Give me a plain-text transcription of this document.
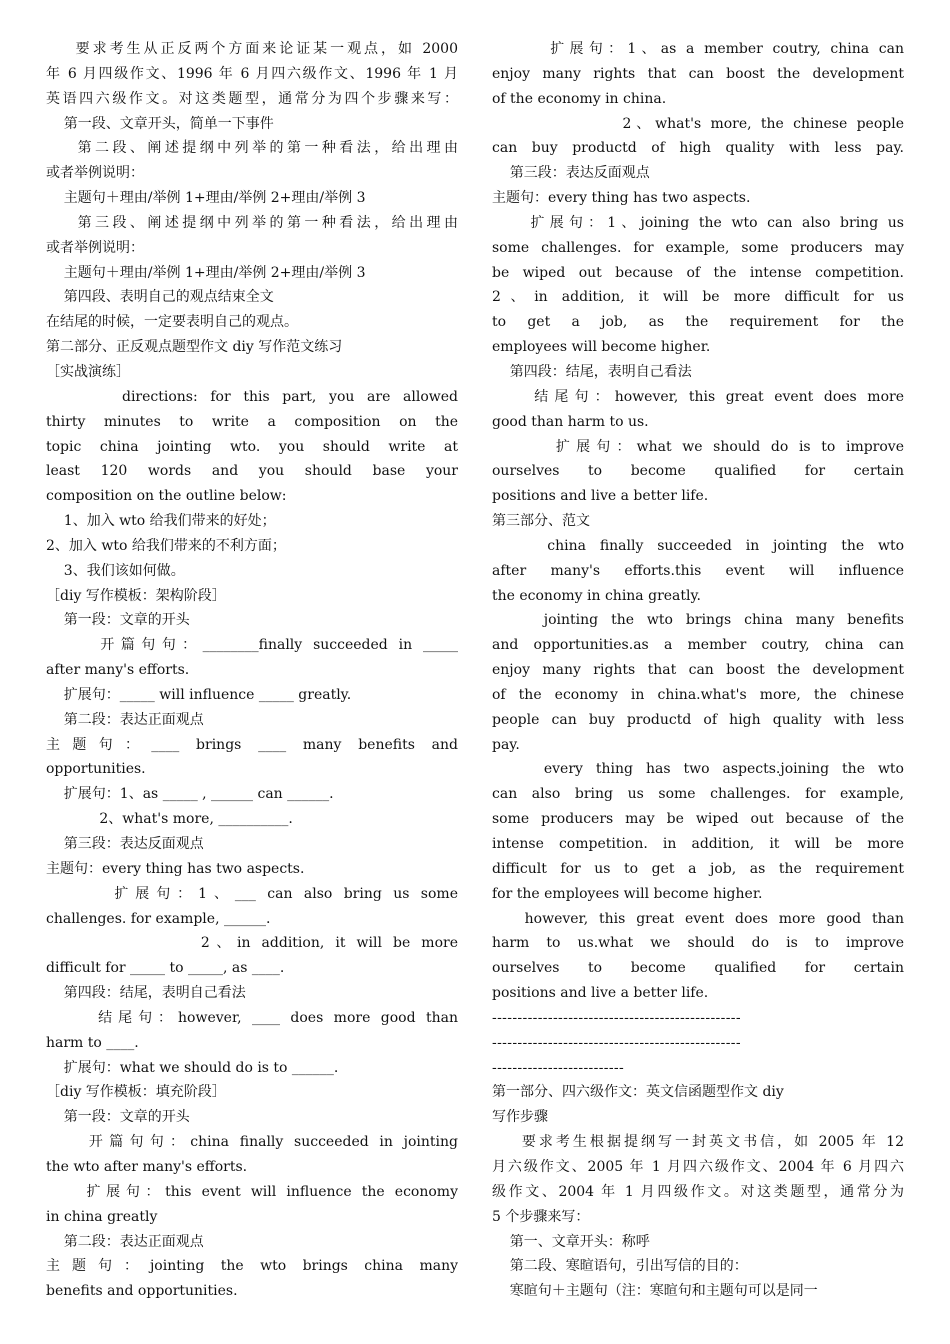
要求考生从正反两个方面来论证某一观点，如 2000
年 6 月四级作文、1996 年 6 月四六级作文、1996 年 1 月
英语四六级作文。对这类题型，通常分为四个步骤来写：
第一段、文章开头，简单一下事件
第二段、阐述提纲中列举的第一种看法，给出理由
或者举例说明：
主题句＋理由/举例 1+理由/举例 2+理由/举例 3
第三段、阐述提纲中列举的第一种看法，给出理由
或者举例说明：
主题句＋理由/举例 1+理由/举例 2+理由/举例 3
第四段、表明自己的观点结束全文
在结尾的时候，一定要表明自己的观点。
第二部分、正反观点题型作文 diy 写作范文练习
［实战演练］
directions: for this part, you are allowed
thirty minutes to write a composition on the
topic china jointing wto. you should write at
least 120 words and you should base your
composition on the outline below:
1、加入 wto 给我们带来的好处；
2、加入 wto 给我们带来的不利方面；
3、我们该如何做。
［diy 写作模板：架构阶段］
第一段：文章的开头
开篇句句：________finally succeeded in _____
after many's efforts.
扩展句：_____ will influence _____ greatly.
第二段：表达正面观点
主题句：____ brings ____ many benefits and
opportunities.
扩展句：1、as _____ , ______ can ______.
2、what's more, __________.
第三段：表达反面观点
主题句：every thing has two aspects.
扩展句：1、___ can also bring us some
challenges. for example, ______.
2、in addition, it will be more
difficult for _____ to _____, as ____.
第四段：结尾，表明自己看法
结尾句：however, ____ does more good than
harm to ____.
扩展句：what we should do is to ______.
［diy 写作模板：填充阶段］
第一段：文章的开头
开篇句句：china finally succeeded in jointing
the wto after many's efforts.
扩展句：this event will influence the economy
in china greatly
第二段：表达正面观点
主题句：jointing the wto brings china many
benefits and opportunities.
扩展句：1、as a member coutry, china can
enjoy many rights that can boost the development
of the economy in china.
2、what's more, the chinese people
can buy productd of high quality with less pay.
第三段：表达反面观点
主题句：every thing has two aspects.
扩展句：1、joining the wto can also bring us
some challenges. for example, some producers may
be wiped out because of the intense competition.
2、in addition, it will be more difficult for us
to get a job, as the requirement for the
employees will become higher.
第四段：结尾，表明自己看法
结尾句：however, this great event does more
good than harm to us.
扩展句：what we should do is to improve
ourselves to become qualified for certain
positions and live a better life.
第三部分、范文
china finally succeeded in jointing the wto
after many's efforts.this event will influence
the economy in china greatly.
jointing the wto brings china many benefits
and opportunities.as a member coutry, china can
enjoy many rights that can boost the development
of the economy in china.what's more, the chinese
people can buy productd of high quality with less
pay.
every thing has two aspects.joining the wto
can also bring us some challenges. for example,
some producers may be wiped out because of the
intense competition. in addition, it will be more
difficult for us to get a job, as the requirement
for the employees will become higher.
however, this great event does more good than
harm to us.what we should do is to improve
ourselves to become qualified for certain
positions and live a better life.
-------------------------------------------------
-------------------------------------------------
--------------------------
第一部分、四六级作文：英文信函题型作文 diy
写作步骤
要求考生根据提纲写一封英文书信，如 2005 年 12
月六级作文、2005 年 1 月四六级作文、2004 年 6 月四六
级作文、2004 年 1 月四级作文。对这类题型，通常分为
5 个步骤来写：
第一、文章开头：称呼
第二段、寒暄语句，引出写信的目的：
寒暄句＋主题句（注：寒暄句和主题句可以是同一
